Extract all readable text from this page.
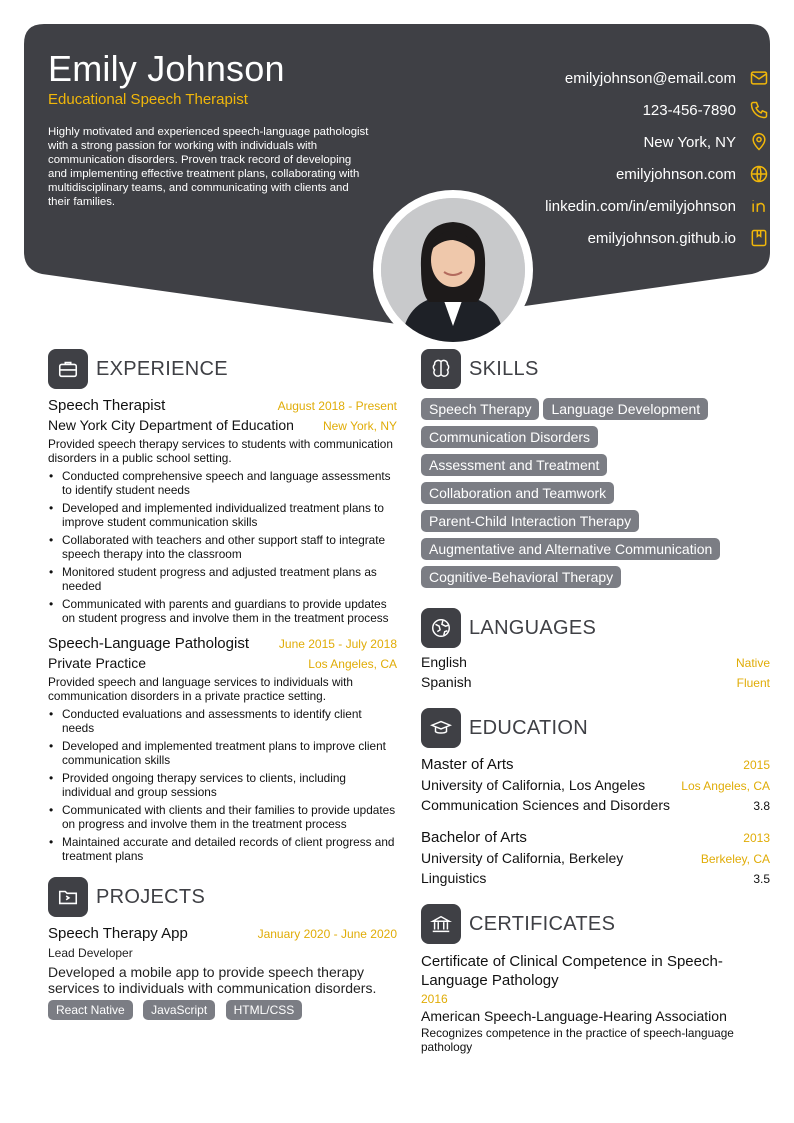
Emily Johnson
Educational Speech Therapist
Highly motivated and experienced speech-language pathologist with a strong passion for working with individuals with communication disorders. Proven track record of developing and implementing effective treatment plans, collaborating with multidisciplinary teams, and communicating with clients and their families.
emilyjohnson@email.com
123-456-7890
New York, NY
emilyjohnson.com
linkedin.com/in/emilyjohnson
emilyjohnson.github.io
EXPERIENCE
Speech Therapist	August 2018 - Present
New York City Department of Education New York, NY
Provided speech therapy services to students with communication disorders in a public school setting.
• Conducted comprehensive speech and language assessments to identify student needs
• Developed and implemented individualized treatment plans to improve student communication skills
• Collaborated with teachers and other support staff to integrate speech therapy into the classroom
• Monitored student progress and adjusted treatment plans as needed
• Communicated with parents and guardians to provide updates on student progress and involve them in the treatment process
Speech-Language Pathologist June 2015 - July 2018
Private Practice	Los Angeles, CA
Provided speech and language services to individuals with communication disorders in a private practice setting.
• Conducted evaluations and assessments to identify client needs
• Developed and implemented treatment plans to improve client communication skills
• Provided ongoing therapy services to clients, including individual and group sessions
• Communicated with clients and their families to provide updates on progress and involve them in the treatment process
• Maintained accurate and detailed records of client progress and treatment plans
PROJECTS
Speech Therapy App	January 2020 - June 2020
Lead Developer
Developed a mobile app to provide speech therapy services to individuals with communication disorders.
React Native JavaScript HTML/CSS
SKILLS
Speech Therapy Language Development
Communication Disorders
Assessment and Treatment
Collaboration and Teamwork
Parent-Child Interaction Therapy
Augmentative and Alternative Communication
Cognitive-Behavioral Therapy
LANGUAGES
English	Native
Spanish	Fluent
EDUCATION
Master of Arts	2015
University of California, Los Angeles	Los Angeles, CA
Communication Sciences and Disorders	3.8
Bachelor of Arts	2013
University of California, Berkeley	Berkeley, CA
Linguistics	3.5
CERTIFICATES
Certificate of Clinical Competence in Speech-Language Pathology
2016
American Speech-Language-Hearing Association
Recognizes competence in the practice of speech-language pathology
